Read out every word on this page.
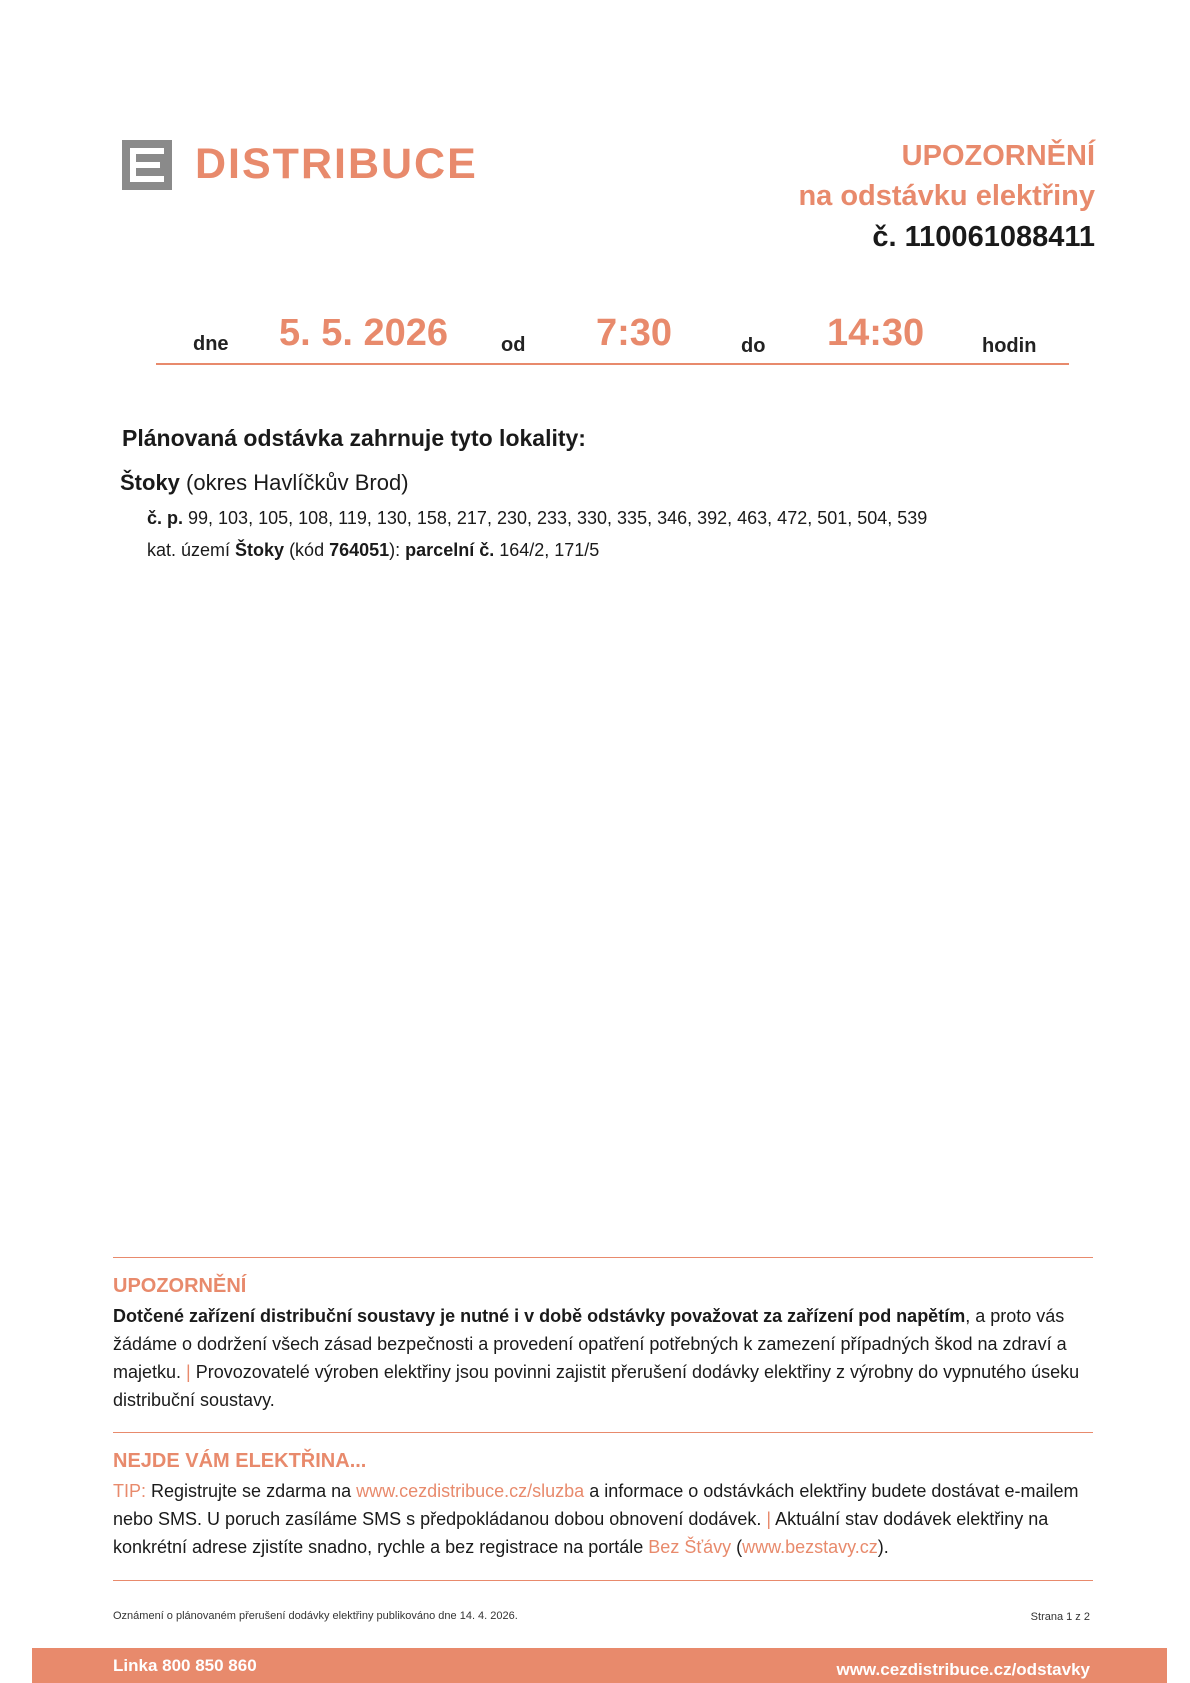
DISTRIBUCE	UPOZORNĚNÍ
na odstávku elektřiny
č. 110061088411
dne 5. 5. 2026	od 7:30	do 14:30	hodin
Plánovaná odstávka zahrnuje tyto lokality:
Štoky (okres Havlíčkův Brod)
č. p. 99, 103, 105, 108, 119, 130, 158, 217, 230, 233, 330, 335, 346, 392, 463, 472, 501, 504, 539
kat. území Štoky (kód 764051): parcelní č. 164/2, 171/5
UPOZORNĚNÍ
Dotčené zařízení distribuční soustavy je nutné i v době odstávky považovat za zařízení pod napětím, a proto vás žádáme o dodržení všech zásad bezpečnosti a provedení opatření potřebných k zamezení případných škod na zdraví a majetku. | Provozovatelé výroben elektřiny jsou povinni zajistit přerušení dodávky elektřiny z výrobny do vypnutého úseku distribuční soustavy.
NEJDE VÁM ELEKTŘINA...
TIP: Registrujte se zdarma na www.cezdistribuce.cz/sluzba a informace o odstávkách elektřiny budete dostávat e-mailem nebo SMS. U poruch zasíláme SMS s předpokládanou dobou obnovení dodávek. | Aktuální stav dodávek elektřiny na konkrétní adrese zjistíte snadno, rychle a bez registrace na portále Bez Šťávy (www.bezstavy.cz).
Oznámení o plánovaném přerušení dodávky elektřiny publikováno dne 14. 4. 2026.	Strana 1 z 2
Linka 800 850 860	www.cezdistribuce.cz/odstavky
